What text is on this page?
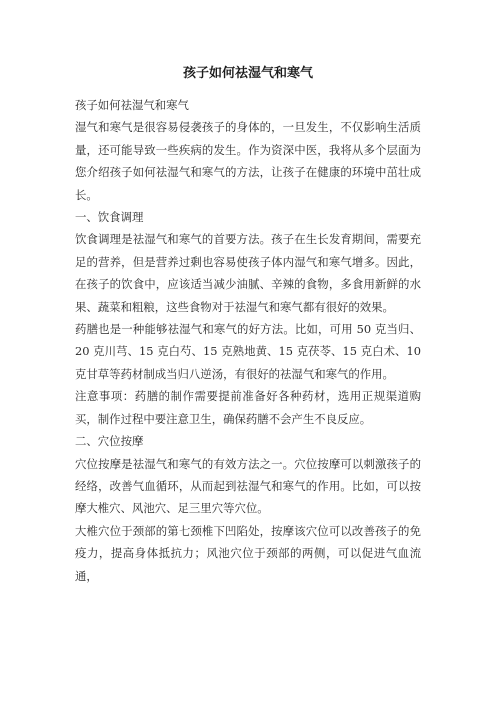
孩子如何祛湿气和寒气

孩子如何祛湿气和寒气

湿气和寒气是很容易侵袭孩子的身体的，一旦发生，不仅影响生活质量，还可能导致一些疾病的发生。作为资深中医，我将从多个层面为您介绍孩子如何祛湿气和寒气的方法，让孩子在健康的环境中茁壮成长。

一、饮食调理

饮食调理是祛湿气和寒气的首要方法。孩子在生长发育期间，需要充足的营养，但是营养过剩也容易使孩子体内湿气和寒气增多。因此，在孩子的饮食中，应该适当减少油腻、辛辣的食物，多食用新鲜的水果、蔬菜和粗粮，这些食物对于祛湿气和寒气都有很好的效果。

药膳也是一种能够祛湿气和寒气的好方法。比如，可用 50 克当归、20 克川芎、15 克白芍、15 克熟地黄、15 克茯苓、15 克白术、10 克甘草等药材制成当归八逆汤，有很好的祛湿气和寒气的作用。

注意事项：药膳的制作需要提前准备好各种药材，选用正规渠道购买，制作过程中要注意卫生，确保药膳不会产生不良反应。

二、穴位按摩

穴位按摩是祛湿气和寒气的有效方法之一。穴位按摩可以刺激孩子的经络，改善气血循环，从而起到祛湿气和寒气的作用。比如，可以按摩大椎穴、风池穴、足三里穴等穴位。

大椎穴位于颈部的第七颈椎下凹陷处，按摩该穴位可以改善孩子的免疫力，提高身体抵抗力；风池穴位于颈部的两侧，可以促进气血流通，
